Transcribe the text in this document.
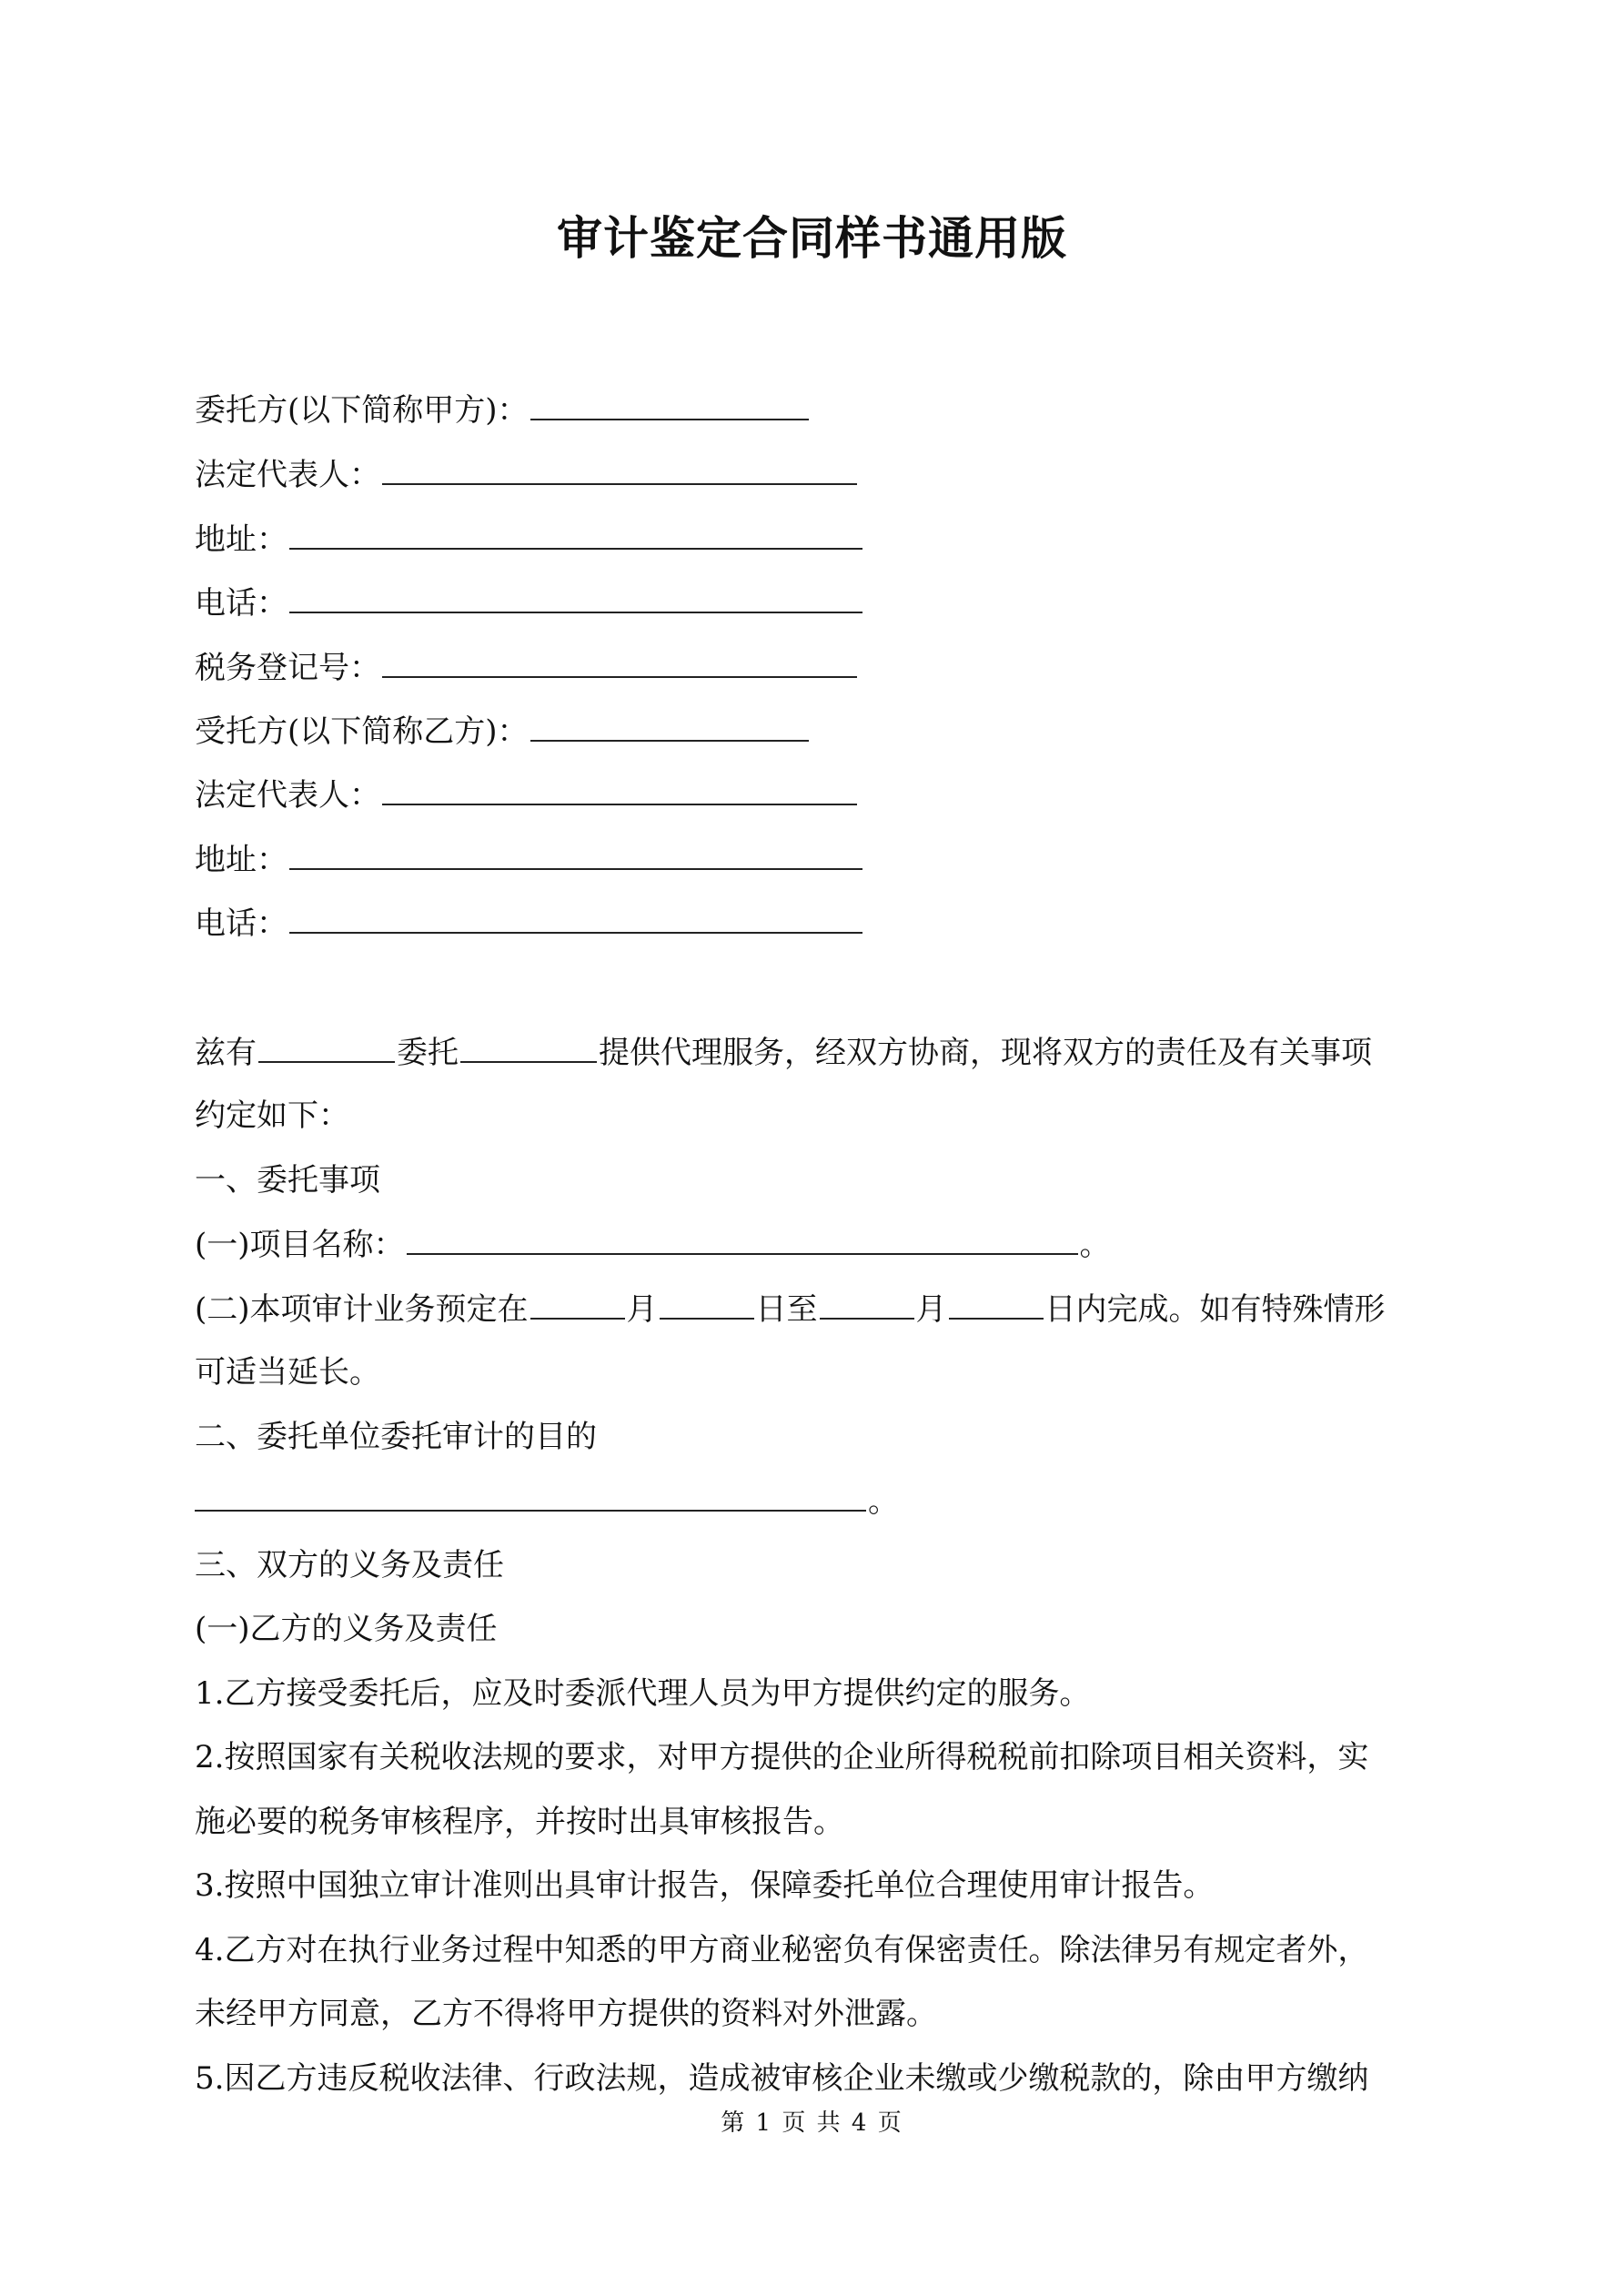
审计鉴定合同样书通用版
委托方(以下简称甲方)：
法定代表人：
地址：
电话：
税务登记号：
受托方(以下简称乙方)：
法定代表人：
地址：
电话：
兹有	委托	提供代理服务，经双方协商，现将双方的责任及有关事项
约定如下：
一、委托事项
(一)项目名称：	。
(二)本项审计业务预定在	月	日至	月	日内完成。如有特殊情形
可适当延长。
二、委托单位委托审计的目的
。
三、双方的义务及责任
(一)乙方的义务及责任
1.乙方接受委托后，应及时委派代理人员为甲方提供约定的服务。
2.按照国家有关税收法规的要求，对甲方提供的企业所得税税前扣除项目相关资料，实
施必要的税务审核程序，并按时出具审核报告。
3.按照中国独立审计准则出具审计报告，保障委托单位合理使用审计报告。
4.乙方对在执行业务过程中知悉的甲方商业秘密负有保密责任。除法律另有规定者外，
未经甲方同意，乙方不得将甲方提供的资料对外泄露。
5.因乙方违反税收法律、行政法规，造成被审核企业未缴或少缴税款的，除由甲方缴纳
第 1 页 共 4 页
